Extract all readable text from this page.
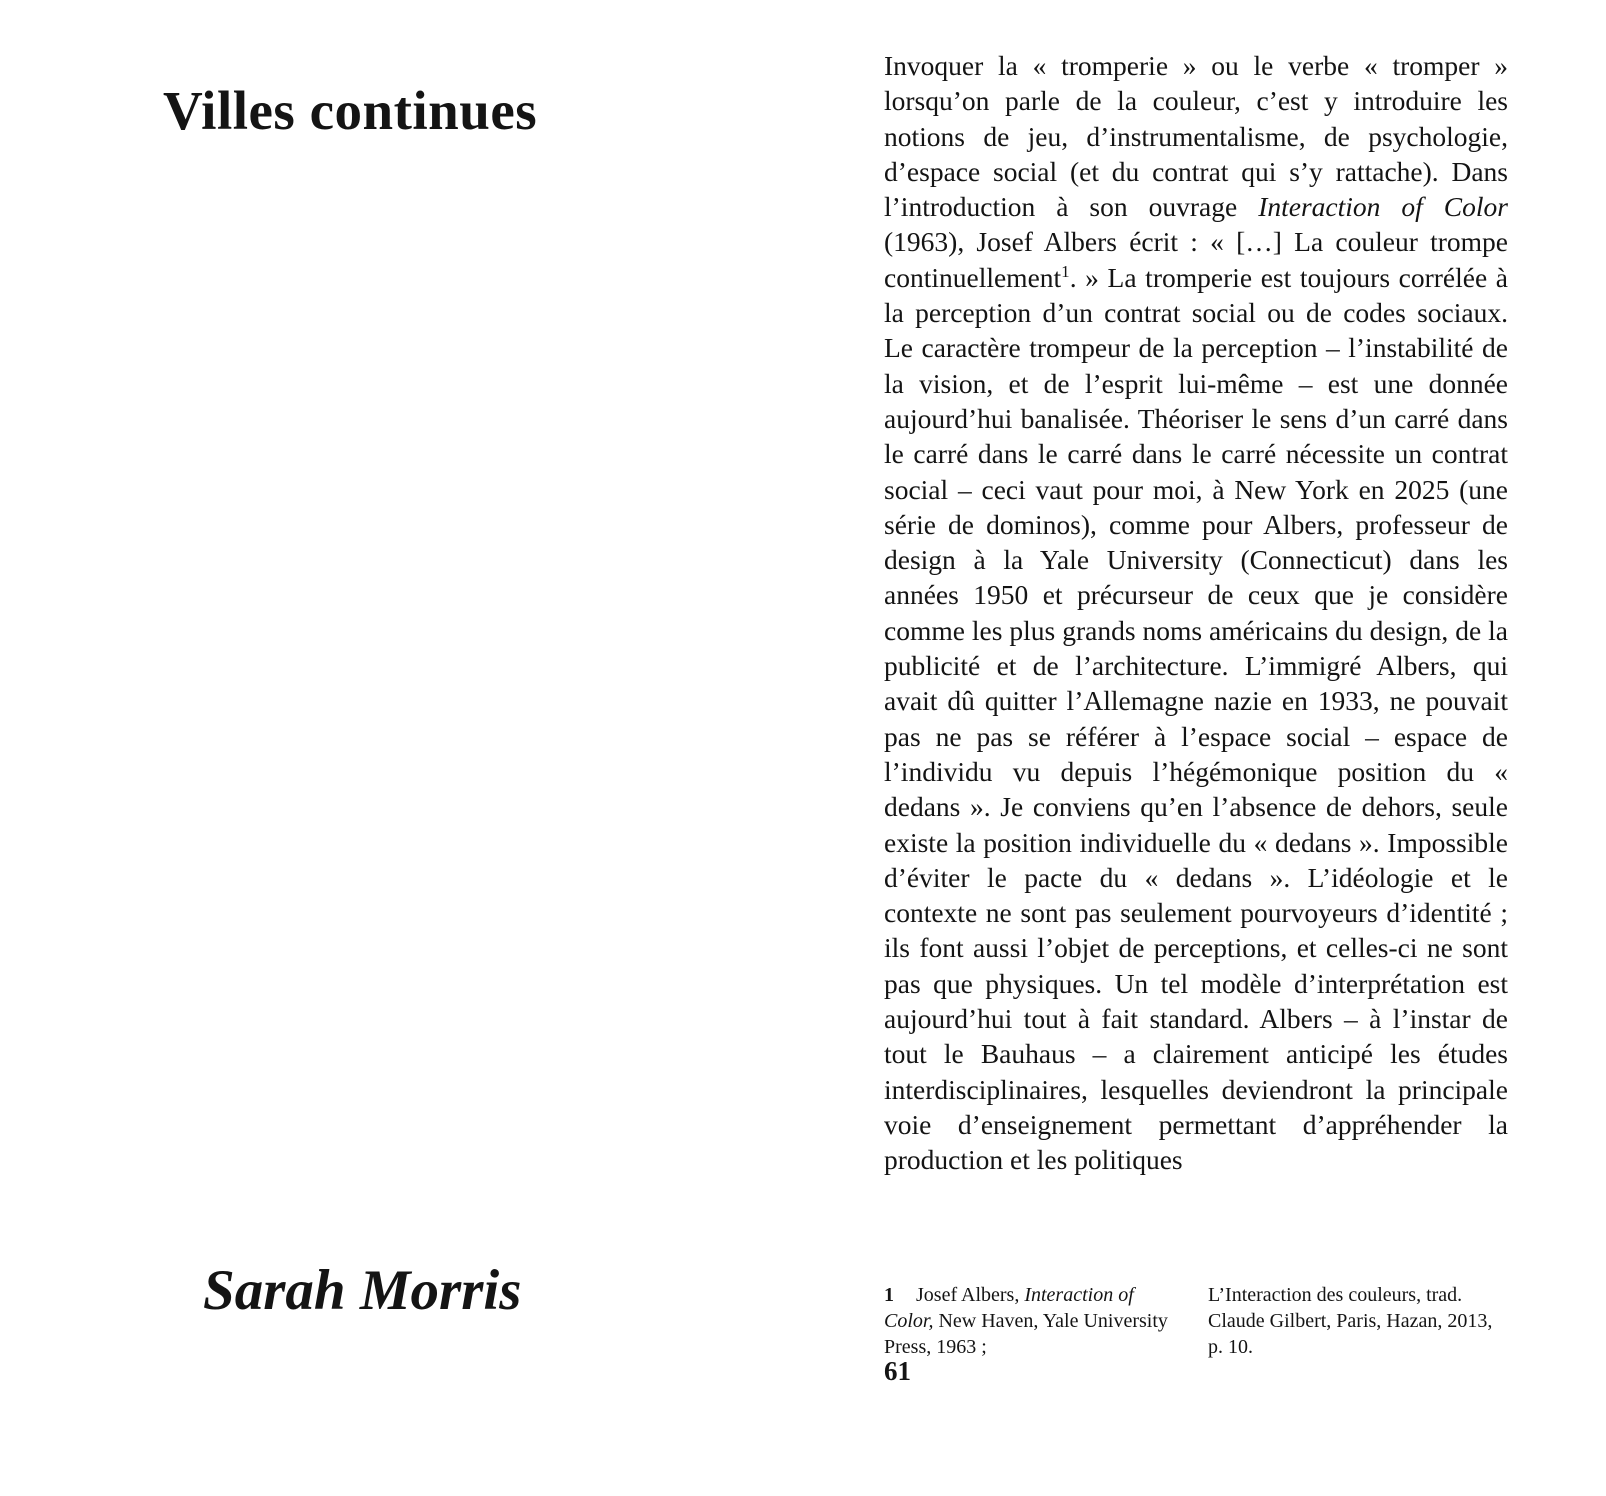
Villes continues
Sarah Morris
Invoquer la « tromperie » ou le verbe « tromper » lorsqu’on parle de la couleur, c’est y introduire les notions de jeu, d’instrumentalisme, de psychologie, d’espace social (et du contrat qui s’y rattache). Dans l’introduction à son ouvrage Interaction of Color (1963), Josef Albers écrit : « […] La couleur trompe continuellement$^1$. » La tromperie est toujours corrélée à la perception d’un contrat social ou de codes sociaux. Le caractère trompeur de la perception – l’instabilité de la vision, et de l’esprit lui-même – est une donnée aujourd’hui banalisée. Théoriser le sens d’un carré dans le carré dans le carré dans le carré nécessite un contrat social – ceci vaut pour moi, à New York en 2025 (une série de dominos), comme pour Albers, professeur de design à la Yale University (Connecticut) dans les années 1950 et précurseur de ceux que je considère comme les plus grands noms américains du design, de la publicité et de l’architecture. L’immigré Albers, qui avait dû quitter l’Allemagne nazie en 1933, ne pouvait pas ne pas se référer à l’espace social – espace de l’individu vu depuis l’hégémonique position du « dedans ». Je conviens qu’en l’absence de dehors, seule existe la position individuelle du « dedans ». Impossible d’éviter le pacte du « dedans ». L’idéologie et le contexte ne sont pas seulement pourvoyeurs d’identité ; ils font aussi l’objet de perceptions, et celles-ci ne sont pas que physiques. Un tel modèle d’interprétation est aujourd’hui tout à fait standard. Albers – à l’instar de tout le Bauhaus – a clairement anticipé les études interdisciplinaires, lesquelles deviendront la principale voie d’enseignement permettant d’appréhender la production et les politiques
1 Josef Albers, Interaction of Color, New Haven, Yale University Press, 1963 ;
L’Interaction des couleurs, trad. Claude Gilbert, Paris, Hazan, 2013, p. 10.
61
